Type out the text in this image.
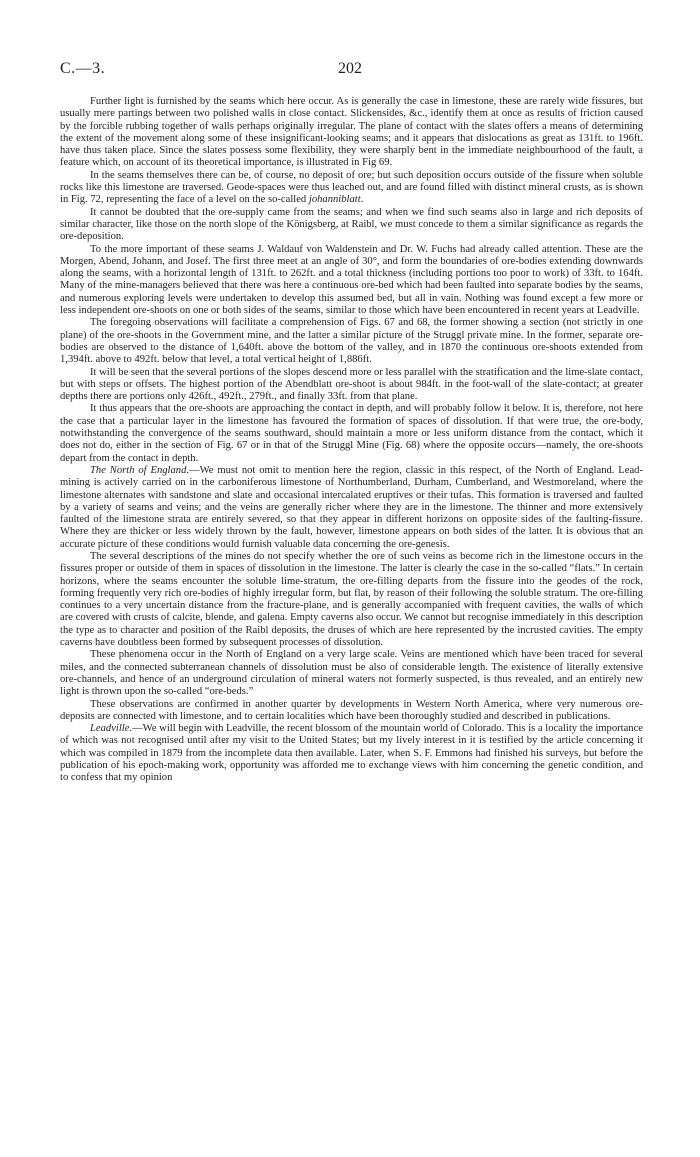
C.—3.	202

Further light is furnished by the seams which here occur. As is generally the case in limestone, these are rarely wide fissures, but usually mere partings between two polished walls in close contact. Slickensides, &c., identify them at once as results of friction caused by the forcible rubbing together of walls perhaps originally irregular. The plane of contact with the slates offers a means of determining the extent of the movement along some of these insignificant-looking seams; and it appears that dislocations as great as 131ft. to 196ft. have thus taken place. Since the slates possess some flexibility, they were sharply bent in the immediate neighbourhood of the fault, a feature which, on account of its theoretical importance, is illustrated in Fig 69.

In the seams themselves there can be, of course, no deposit of ore; but such deposition occurs outside of the fissure when soluble rocks like this limestone are traversed. Geode-spaces were thus leached out, and are found filled with distinct mineral crusts, as is shown in Fig. 72, representing the face of a level on the so-called johanniblatt.

It cannot be doubted that the ore-supply came from the seams; and when we find such seams also in large and rich deposits of similar character, like those on the north slope of the Königsberg, at Raibl, we must concede to them a similar significance as regards the ore-deposition.

To the more important of these seams J. Waldauf von Waldenstein and Dr. W. Fuchs had already called attention. These are the Morgen, Abend, Johann, and Josef. The first three meet at an angle of 30°, and form the boundaries of ore-bodies extending downwards along the seams, with a horizontal length of 131ft. to 262ft. and a total thickness (including portions too poor to work) of 33ft. to 164ft. Many of the mine-managers believed that there was here a continuous ore-bed which had been faulted into separate bodies by the seams, and numerous exploring levels were undertaken to develop this assumed bed, but all in vain. Nothing was found except a few more or less independent ore-shoots on one or both sides of the seams, similar to those which have been encountered in recent years at Leadville.

The foregoing observations will facilitate a comprehension of Figs. 67 and 68, the former showing a section (not strictly in one plane) of the ore-shoots in the Government mine, and the latter a similar picture of the Struggl private mine. In the former, separate ore-bodies are observed to the distance of 1,640ft. above the bottom of the valley, and in 1870 the continuous ore-shoots extended from 1,394ft. above to 492ft. below that level, a total vertical height of 1,886ft.

It will be seen that the several portions of the slopes descend more or less parallel with the stratification and the lime-slate contact, but with steps or offsets. The highest portion of the Abendblatt ore-shoot is about 984ft. in the foot-wall of the slate-contact; at greater depths there are portions only 426ft., 492ft., 279ft., and finally 33ft. from that plane.

It thus appears that the ore-shoots are approaching the contact in depth, and will probably follow it below. It is, therefore, not here the case that a particular layer in the limestone has favoured the formation of spaces of dissolution. If that were true, the ore-body, notwithstanding the convergence of the seams southward, should maintain a more or less uniform distance from the contact, which it does not do, either in the section of Fig. 67 or in that of the Struggl Mine (Fig. 68) where the opposite occurs—namely, the ore-shoots depart from the contact in depth.

The North of England.—We must not omit to mention here the region, classic in this respect, of the North of England. Lead-mining is actively carried on in the carboniferous limestone of Northumberland, Durham, Cumberland, and Westmoreland, where the limestone alternates with sandstone and slate and occasional intercalated eruptives or their tufas. This formation is traversed and faulted by a variety of seams and veins; and the veins are generally richer where they are in the limestone. The thinner and more extensively faulted of the limestone strata are entirely severed, so that they appear in different horizons on opposite sides of the faulting-fissure. Where they are thicker or less widely thrown by the fault, however, limestone appears on both sides of the latter. It is obvious that an accurate picture of these conditions would furnish valuable data concerning the ore-genesis.

The several descriptions of the mines do not specify whether the ore of such veins as become rich in the limestone occurs in the fissures proper or outside of them in spaces of dissolution in the limestone. The latter is clearly the case in the so-called “flats.” In certain horizons, where the seams encounter the soluble lime-stratum, the ore-filling departs from the fissure into the geodes of the rock, forming frequently very rich ore-bodies of highly irregular form, but flat, by reason of their following the soluble stratum. The ore-filling continues to a very uncertain distance from the fracture-plane, and is generally accompanied with frequent cavities, the walls of which are covered with crusts of calcite, blende, and galena. Empty caverns also occur. We cannot but recognise immediately in this description the type as to character and position of the Raibl deposits, the druses of which are here represented by the incrusted cavities. The empty caverns have doubtless been formed by subsequent processes of dissolution.

These phenomena occur in the North of England on a very large scale. Veins are mentioned which have been traced for several miles, and the connected subterranean channels of dissolution must be also of considerable length. The existence of literally extensive ore-channels, and hence of an underground circulation of mineral waters not formerly suspected, is thus revealed, and an entirely new light is thrown upon the so-called “ore-beds.”

These observations are confirmed in another quarter by developments in Western North America, where very numerous ore-deposits are connected with limestone, and to certain localities which have been thoroughly studied and described in publications.

Leadville.—We will begin with Leadville, the recent blossom of the mountain world of Colorado. This is a locality the importance of which was not recognised until after my visit to the United States; but my lively interest in it is testified by the article concerning it which was compiled in 1879 from the incomplete data then available. Later, when S. F. Emmons had finished his surveys, but before the publication of his epoch-making work, opportunity was afforded me to exchange views with him concerning the genetic condition, and to confess that my opinion
